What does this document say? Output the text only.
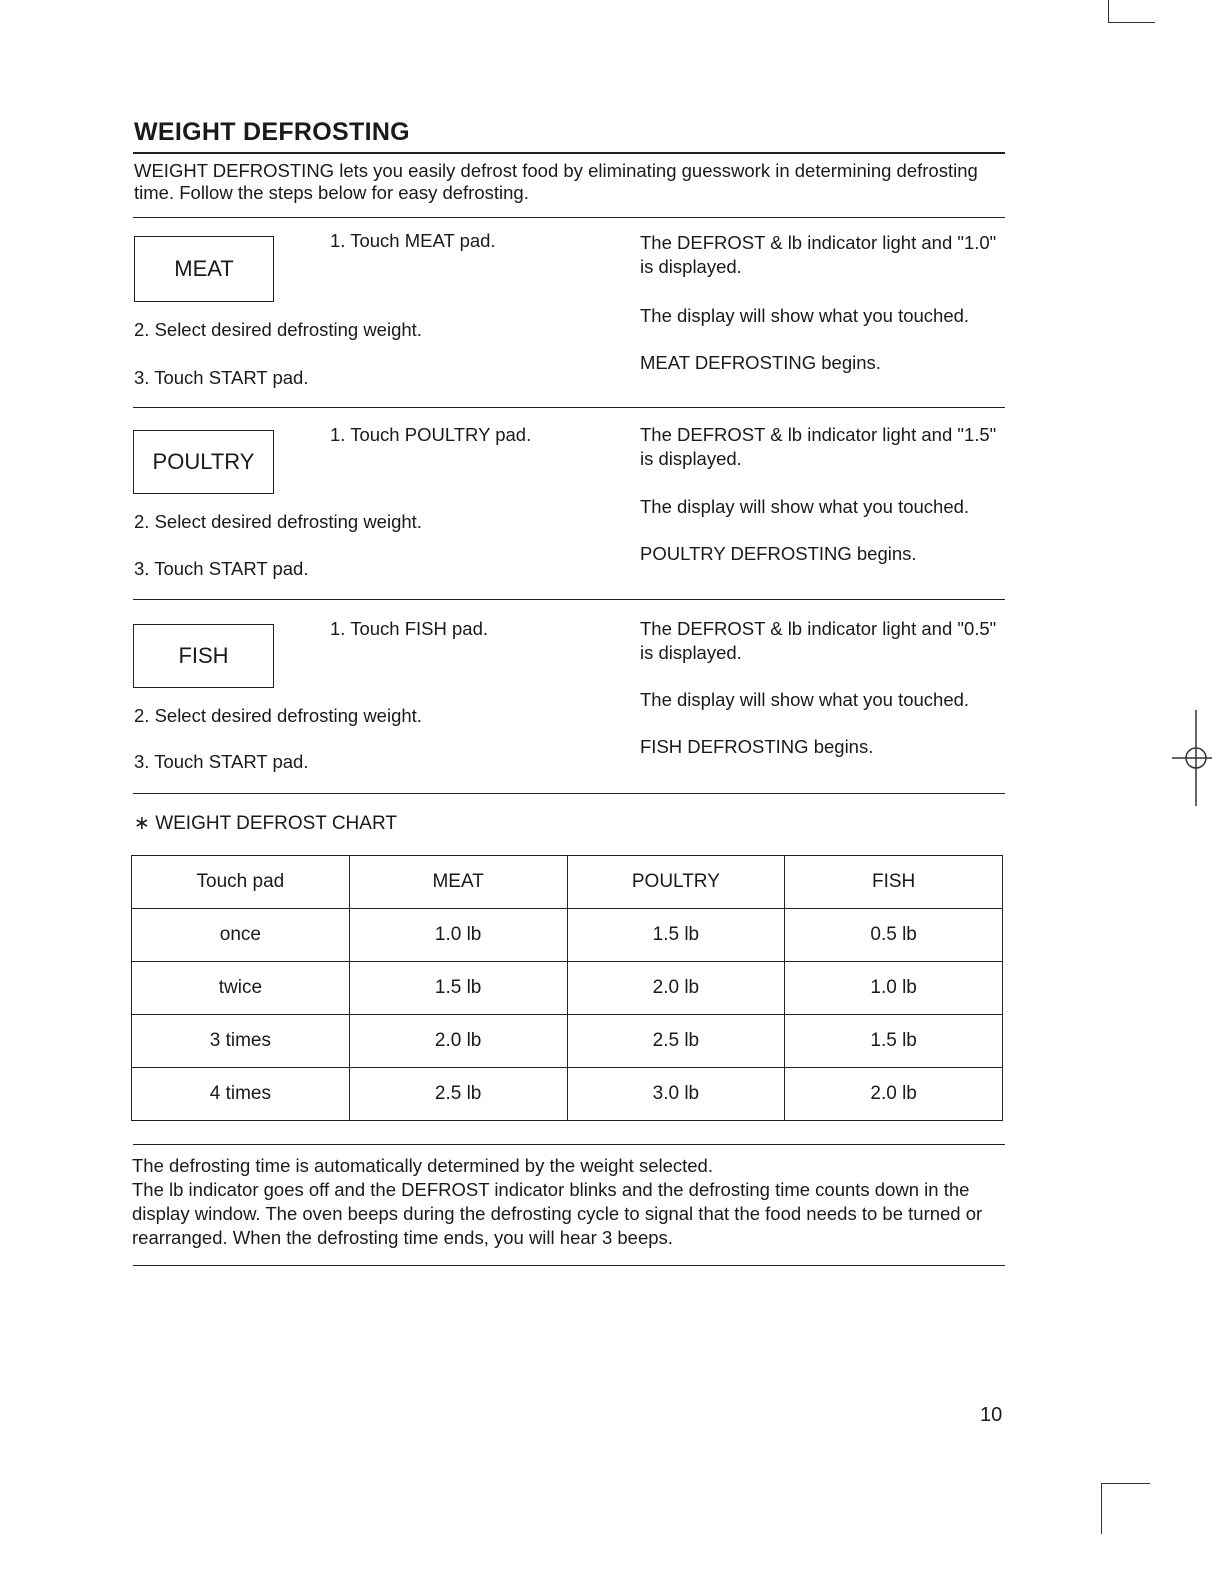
WEIGHT DEFROSTING
WEIGHT DEFROSTING lets you easily defrost food by eliminating guesswork in determining defrosting time. Follow the steps below for easy defrosting.
MEAT
1. Touch MEAT pad.
2. Select desired defrosting weight.
3. Touch START pad.
The DEFROST & lb indicator light and "1.0" is displayed.
The display will show what you touched.
MEAT DEFROSTING begins.
POULTRY
1. Touch POULTRY pad.
2. Select desired defrosting weight.
3. Touch START pad.
The DEFROST & lb indicator light and "1.5" is displayed.
The display will show what you touched.
POULTRY DEFROSTING begins.
FISH
1. Touch FISH pad.
2. Select desired defrosting weight.
3. Touch START pad.
The DEFROST & lb indicator light and "0.5" is displayed.
The display will show what you touched.
FISH DEFROSTING begins.
∗ WEIGHT DEFROST CHART
Touch pad	MEAT	POULTRY	FISH
once	1.0 lb	1.5 lb	0.5 lb
twice	1.5 lb	2.0 lb	1.0 lb
3 times	2.0 lb	2.5 lb	1.5 lb
4 times	2.5 lb	3.0 lb	2.0 lb
The defrosting time is automatically determined by the weight selected.
The lb indicator goes off and the DEFROST indicator blinks and the defrosting time counts down in the display window. The oven beeps during the defrosting cycle to signal that the food needs to be turned or rearranged. When the defrosting time ends, you will hear 3 beeps.
10
